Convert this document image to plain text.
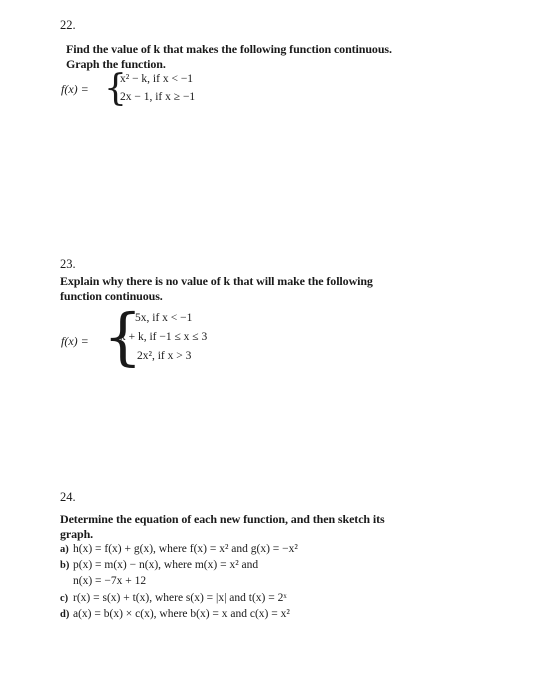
22.
Find the value of k that makes the following function continuous.
Graph the function.
f(x) = {
x² − k, if x < −1
2x − 1, if x ≥ −1
23.
Explain why there is no value of k that will make the following
function continuous.
f(x) = {
5x, if x < −1
x + k, if −1 ≤ x ≤ 3
2x², if x > 3
24.
Determine the equation of each new function, and then sketch its
graph.
a) h(x) = f(x) + g(x), where f(x) = x² and g(x) = −x²
b) p(x) = m(x) − n(x), where m(x) = x² and
n(x) = −7x + 12
c) r(x) = s(x) + t(x), where s(x) = |x| and t(x) = 2ˣ
d) a(x) = b(x) × c(x), where b(x) = x and c(x) = x²
